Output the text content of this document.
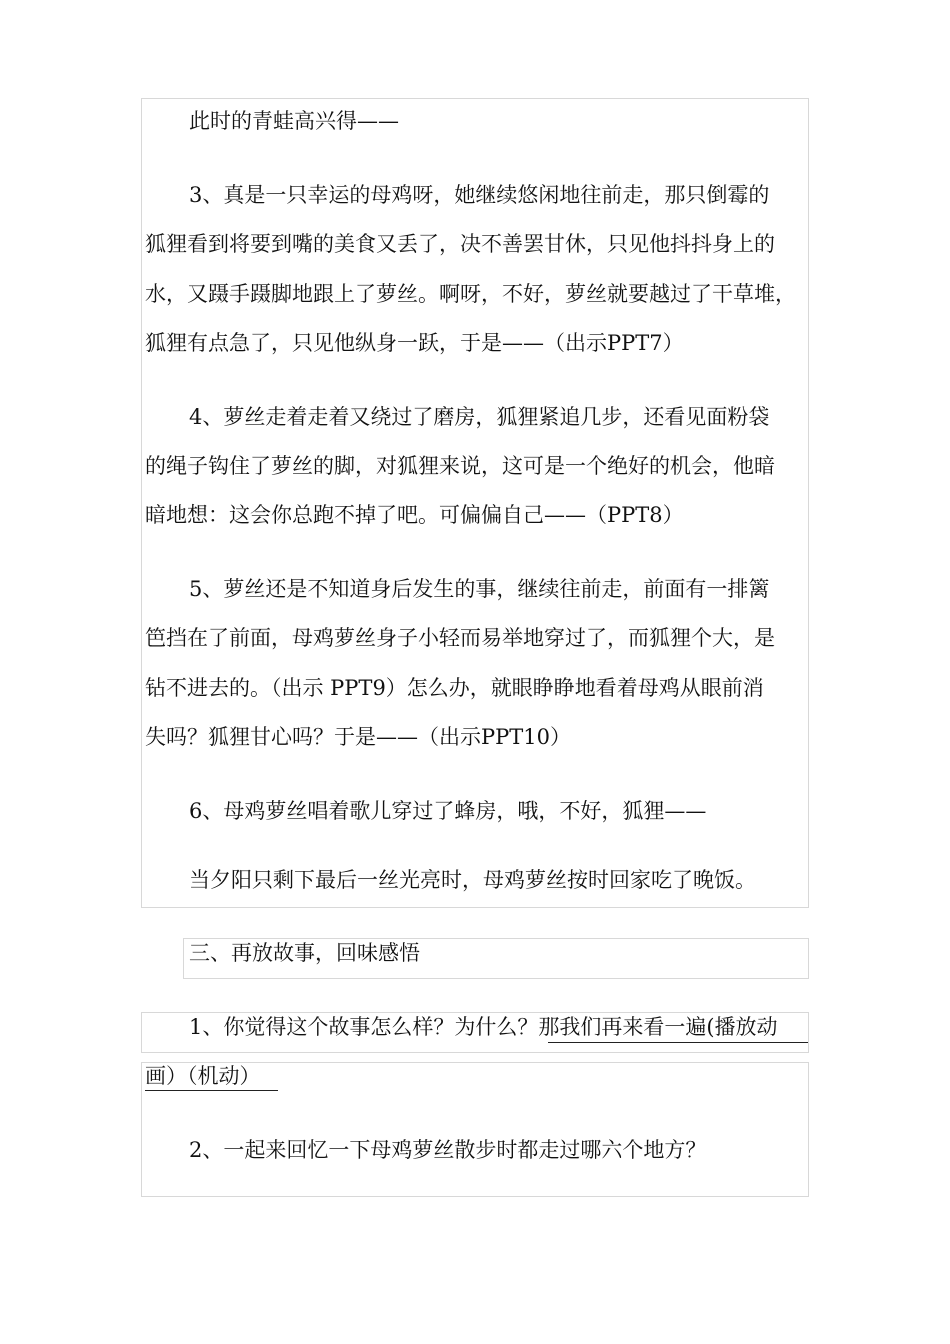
此时的青蛙高兴得——

3、真是一只幸运的母鸡呀，她继续悠闲地往前走，那只倒霉的

狐狸看到将要到嘴的美食又丢了，决不善罢甘休，只见他抖抖身上的

水，又蹑手蹑脚地跟上了萝丝。啊呀，不好，萝丝就要越过了干草堆，

狐狸有点急了，只见他纵身一跃，于是——（出示PPT7）

4、萝丝走着走着又绕过了磨房，狐狸紧追几步，还看见面粉袋

的绳子钩住了萝丝的脚，对狐狸来说，这可是一个绝好的机会，他暗

暗地想：这会你总跑不掉了吧。可偏偏自己——（PPT8）

5、萝丝还是不知道身后发生的事，继续往前走，前面有一排篱

笆挡在了前面，母鸡萝丝身子小轻而易举地穿过了，而狐狸个大，是

钻不进去的。（出示 PPT9）怎么办，就眼睁睁地看着母鸡从眼前消

失吗？狐狸甘心吗？于是——（出示PPT10）

6、母鸡萝丝唱着歌儿穿过了蜂房，哦，不好，狐狸——

当夕阳只剩下最后一丝光亮时，母鸡萝丝按时回家吃了晚饭。

三、再放故事，回味感悟

1、你觉得这个故事怎么样？为什么？那我们再来看一遍(播放动

画）（机动）

2、一起来回忆一下母鸡萝丝散步时都走过哪六个地方？
